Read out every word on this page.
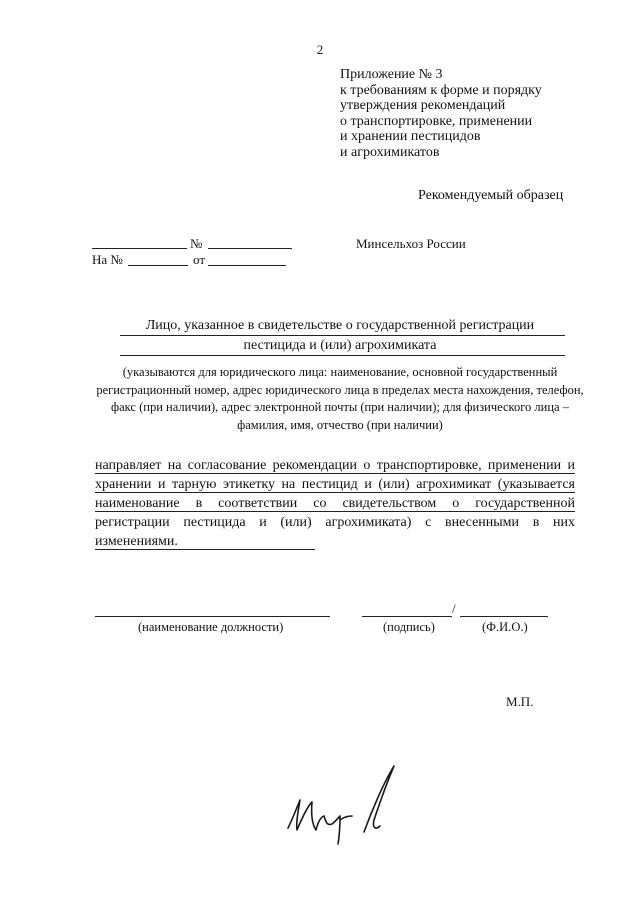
2
Приложение № 3
к требованиям к форме и порядку
утверждения рекомендаций
о транспортировке, применении
и хранении пестицидов
и агрохимикатов
Рекомендуемый образец
№
На №	от
Минсельхоз России
Лицо, указанное в свидетельстве о государственной регистрации
пестицида и (или) агрохимиката
(указываются для юридического лица: наименование, основной государственный регистрационный номер, адрес юридического лица в пределах места нахождения, телефон, факс (при наличии), адрес электронной почты (при наличии); для физического лица – фамилия, имя, отчество (при наличии)
направляет на согласование рекомендации о транспортировке, применении и хранении и тарную этикетку на пестицид и (или) агрохимикат (указывается наименование в соответствии со свидетельством о государственной регистрации пестицида и (или) агрохимиката) с внесенными в них изменениями.
(наименование должности)
/
(подпись)	(Ф.И.О.)
М.П.
